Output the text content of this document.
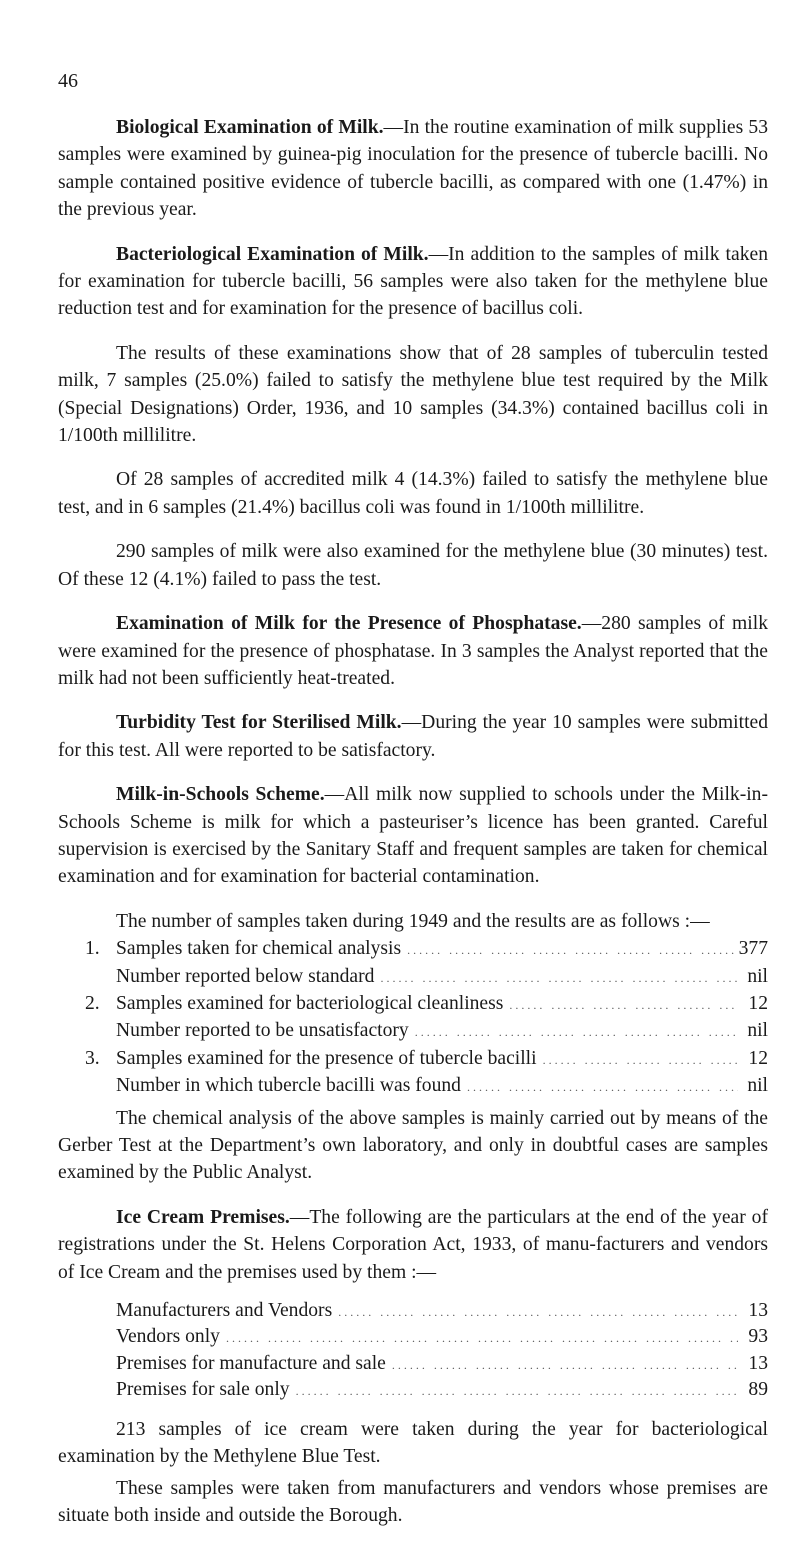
46

Biological Examination of Milk.—In the routine examination of milk supplies 53 samples were examined by guinea-pig inoculation for the presence of tubercle bacilli. No sample contained positive evidence of tubercle bacilli, as compared with one (1.47%) in the previous year.

Bacteriological Examination of Milk.—In addition to the samples of milk taken for examination for tubercle bacilli, 56 samples were also taken for the methylene blue reduction test and for examination for the presence of bacillus coli.

The results of these examinations show that of 28 samples of tuberculin tested milk, 7 samples (25.0%) failed to satisfy the methylene blue test required by the Milk (Special Designations) Order, 1936, and 10 samples (34.3%) contained bacillus coli in 1/100th millilitre.

Of 28 samples of accredited milk 4 (14.3%) failed to satisfy the methylene blue test, and in 6 samples (21.4%) bacillus coli was found in 1/100th millilitre.

290 samples of milk were also examined for the methylene blue (30 minutes) test. Of these 12 (4.1%) failed to pass the test.

Examination of Milk for the Presence of Phosphatase.—280 samples of milk were examined for the presence of phosphatase. In 3 samples the Analyst reported that the milk had not been sufficiently heat-treated.

Turbidity Test for Sterilised Milk.—During the year 10 samples were submitted for this test. All were reported to be satisfactory.

Milk-in-Schools Scheme.—All milk now supplied to schools under the Milk-in-Schools Scheme is milk for which a pasteuriser’s licence has been granted. Careful supervision is exercised by the Sanitary Staff and frequent samples are taken for chemical examination and for examination for bacterial contamination.

The number of samples taken during 1949 and the results are as follows :—

1. Samples taken for chemical analysis .....	377
Number reported below standard .....	nil
2. Samples examined for bacteriological cleanliness .....	12
Number reported to be unsatisfactory .....	nil
3. Samples examined for the presence of tubercle bacilli .....	12
Number in which tubercle bacilli was found .....	nil

The chemical analysis of the above samples is mainly carried out by means of the Gerber Test at the Department’s own laboratory, and only in doubtful cases are samples examined by the Public Analyst.

Ice Cream Premises.—The following are the particulars at the end of the year of registrations under the St. Helens Corporation Act, 1933, of manu-facturers and vendors of Ice Cream and the premises used by them :—

Manufacturers and Vendors .....	13
Vendors only .....	93
Premises for manufacture and sale .....	13
Premises for sale only .....	89

213 samples of ice cream were taken during the year for bacteriological examination by the Methylene Blue Test.

These samples were taken from manufacturers and vendors whose premises are situate both inside and outside the Borough.
